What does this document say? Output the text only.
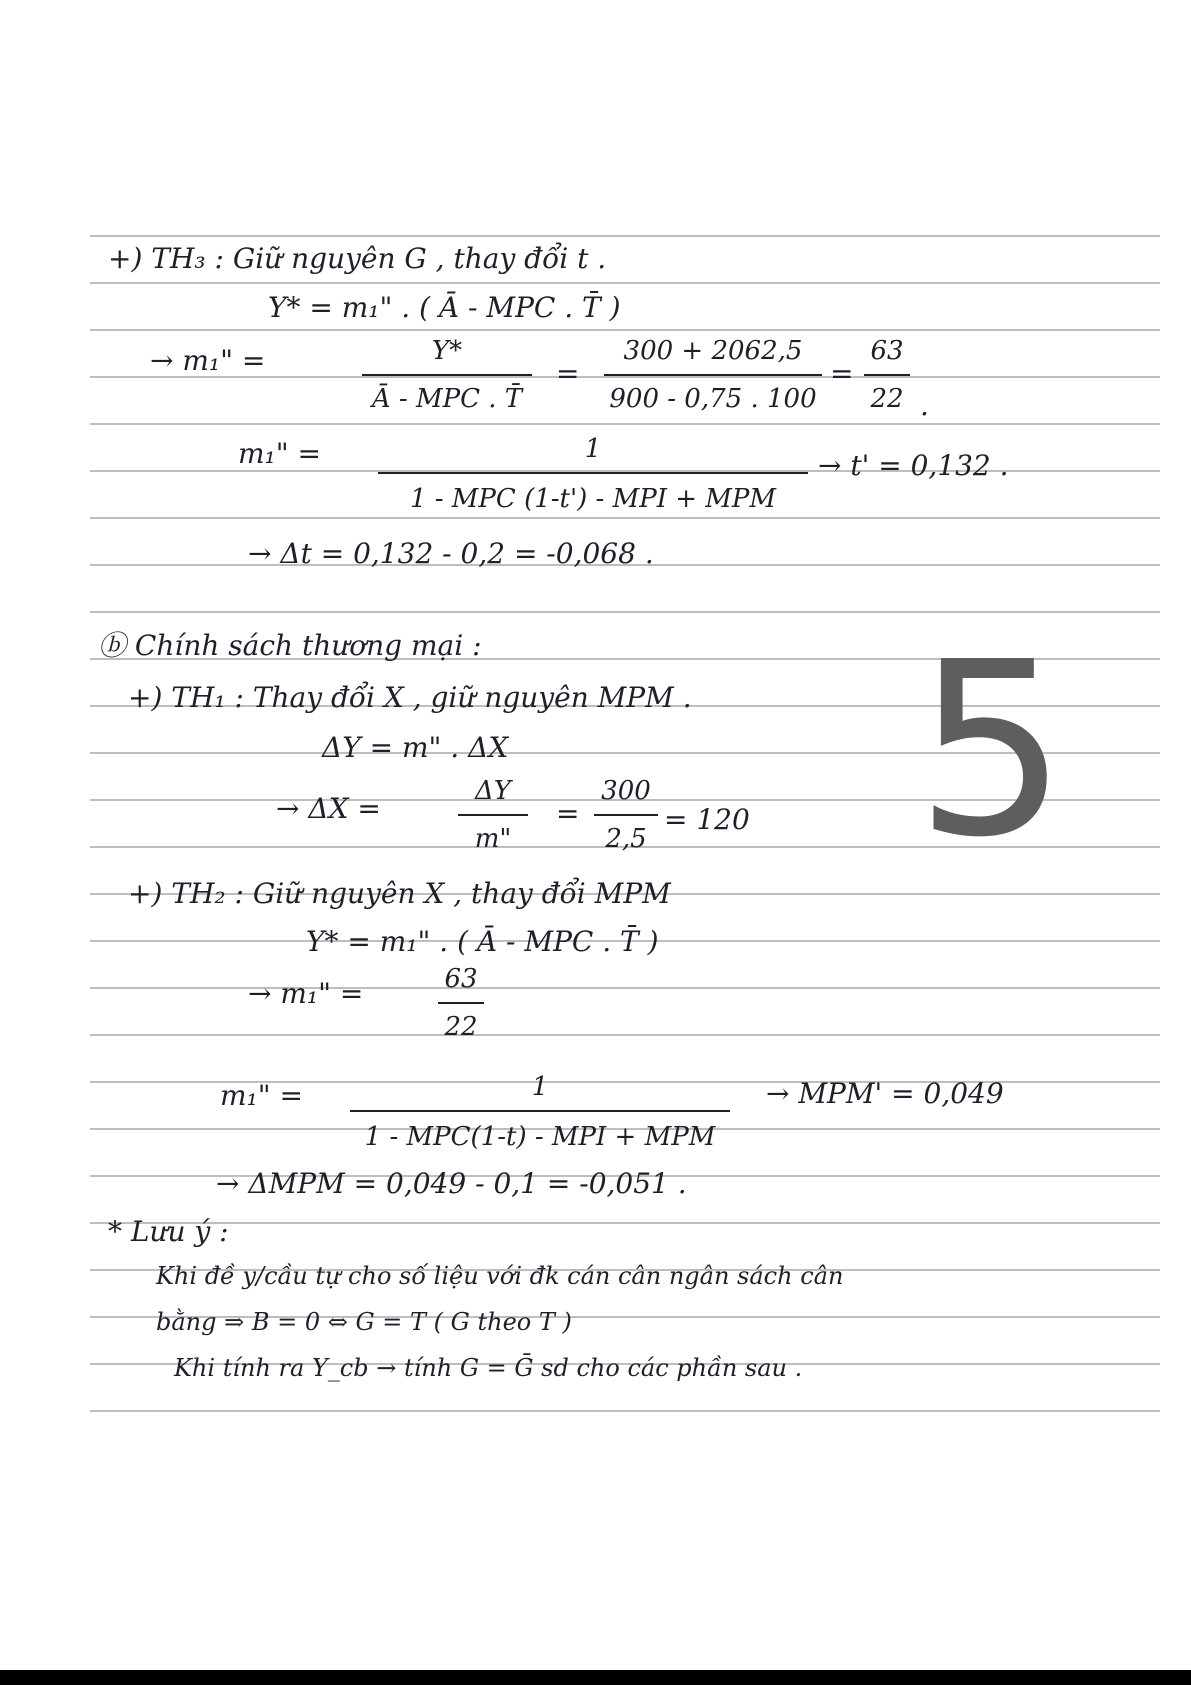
+) TH₃ : Giữ nguyên G , thay đổi t .
Y* = m₁" . ( Ā - MPC . T̄ )
→ m₁" =	Y*
Ā - MPC . T̄
=
300 + 2062,5
900 - 0,75 . 100
=
63
22 .
m₁" =	1
1 - MPC (1-t') - MPI + MPM
→ t' = 0,132 .
→ Δt = 0,132 - 0,2 = -0,068 .
ⓑ Chính sách thương mại :
+) TH₁ : Thay đổi X , giữ nguyên MPM .
ΔY = m" . ΔX
→ ΔX =
ΔY
m"
=
300
2,5
= 120
+) TH₂ : Giữ nguyên X , thay đổi MPM
Y* = m₁" . ( Ā - MPC . T̄ )
→ m₁" =	63
22
m₁" =	1
1 - MPC(1-t) - MPI + MPM
→ MPM' = 0,049
→ ΔMPM = 0,049 - 0,1 = -0,051 .
* Lưu ý :
Khi đề y/cầu tự cho số liệu với đk cán cân ngân sách cân
bằng ⇒ B = 0 ⇔ G = T ( G theo T )
Khi tính ra Y_cb → tính G = Ḡ sd cho các phần sau .
5
